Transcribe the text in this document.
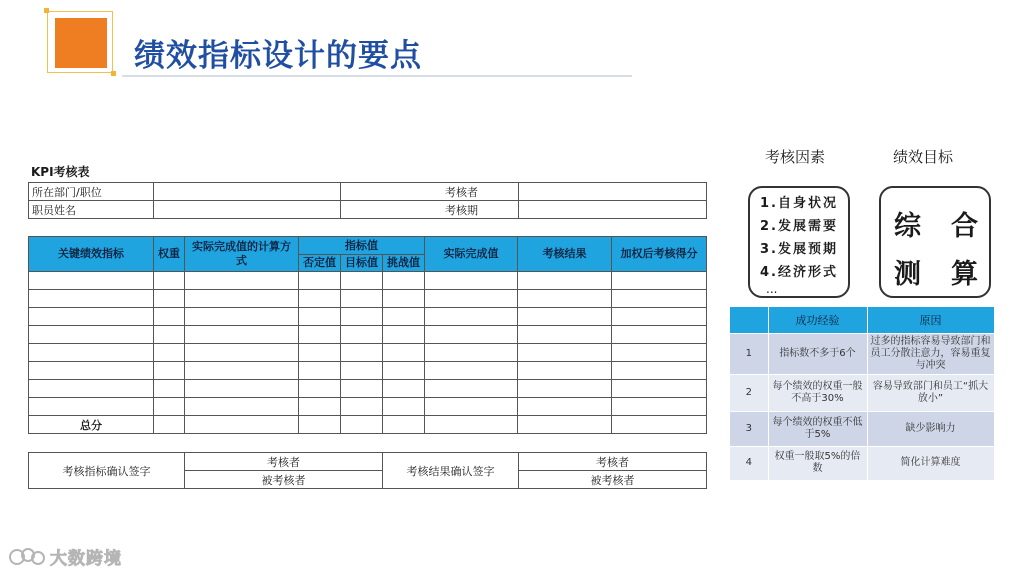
绩效指标设计的要点
KPI考核表
所在部门/职位		考核者	
职员姓名		考核期	
关键绩效指标	权重	实际完成值的计算方式	指标值			实际完成值	考核结果	加权后考核得分
			否定值	目标值	挑战值			

总分								
考核指标确认签字	考核者	考核结果确认签字	考核者
	被考核者		被考核者
考核因素	绩效目标
1.自身状况
2.发展需要
3.发展预期
4.经济形式
...
综 合
测 算
	成功经验	原因
1	指标数不多于6个	过多的指标容易导致部门和员工分散注意力，容易重复与冲突
2	每个绩效的权重一般不高于30%	容易导致部门和员工“抓大放小”
3	每个绩效的权重不低于5%	缺少影响力
4	权重一般取5%的倍数	简化计算难度
大数跨境
